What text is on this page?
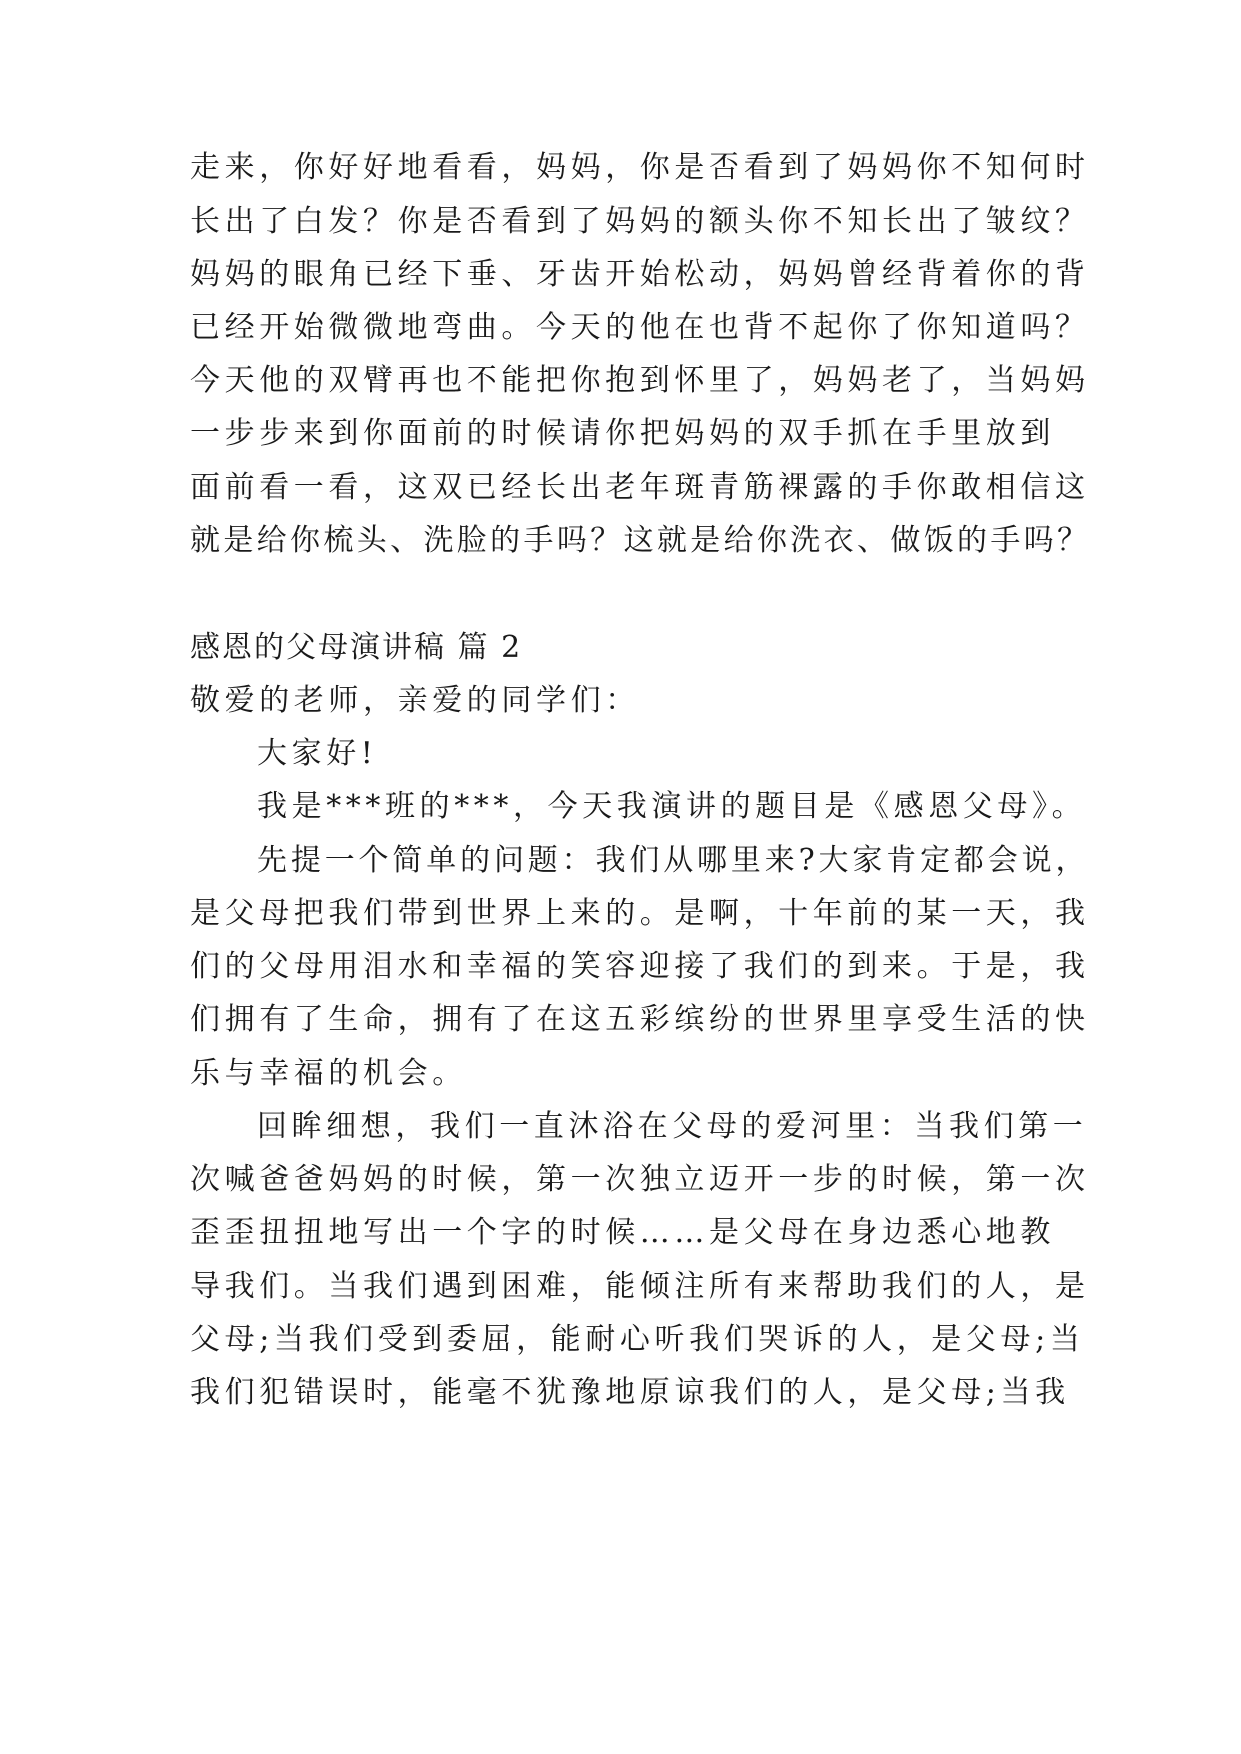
走来，你好好地看看，妈妈，你是否看到了妈妈你不知何时
长出了白发？你是否看到了妈妈的额头你不知长出了皱纹？
妈妈的眼角已经下垂、牙齿开始松动，妈妈曾经背着你的背
已经开始微微地弯曲。今天的他在也背不起你了你知道吗？
今天他的双臂再也不能把你抱到怀里了，妈妈老了，当妈妈
一步步来到你面前的时候请你把妈妈的双手抓在手里放到
面前看一看，这双已经长出老年斑青筋裸露的手你敢相信这
就是给你梳头、洗脸的手吗？这就是给你洗衣、做饭的手吗？
感恩的父母演讲稿 篇 2
敬爱的老师，亲爱的同学们：
大家好!
我是***班的***，今天我演讲的题目是《感恩父母》。
先提一个简单的问题：我们从哪里来?大家肯定都会说，
是父母把我们带到世界上来的。是啊，十年前的某一天，我
们的父母用泪水和幸福的笑容迎接了我们的到来。于是，我
们拥有了生命，拥有了在这五彩缤纷的世界里享受生活的快
乐与幸福的机会。
回眸细想，我们一直沐浴在父母的爱河里：当我们第一
次喊爸爸妈妈的时候，第一次独立迈开一步的时候，第一次
歪歪扭扭地写出一个字的时候……是父母在身边悉心地教
导我们。当我们遇到困难，能倾注所有来帮助我们的人，是
父母;当我们受到委屈，能耐心听我们哭诉的人，是父母;当
我们犯错误时，能毫不犹豫地原谅我们的人，是父母;当我
